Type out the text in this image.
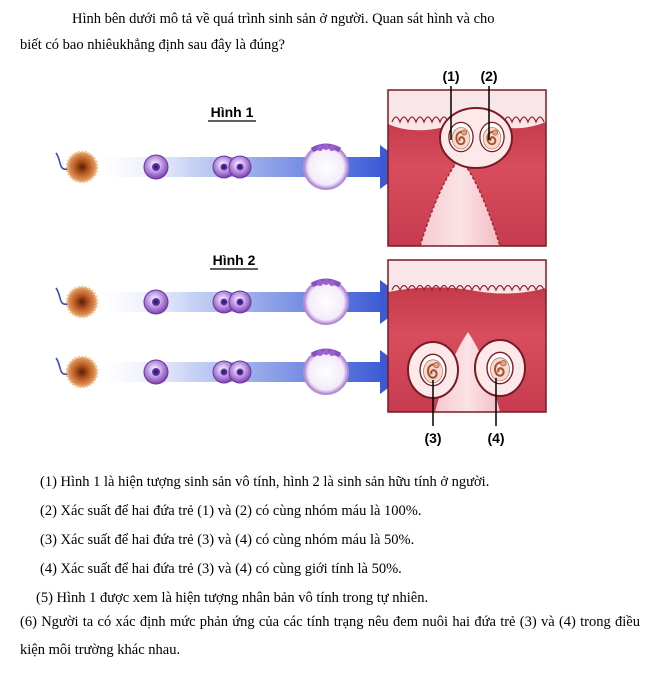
Hình bên dưới mô tả về quá trình sinh sản ở người. Quan sát hình và cho
biết có bao nhiêukhẳng định sau đây là đúng?
Hình 1
Hình 2
(1) (2)
(3)	(4)
(1) Hình 1 là hiện tượng sinh sản vô tính, hình 2 là sinh sản hữu tính ở người.
(2) Xác suất để hai đứa trẻ (1) và (2) có cùng nhóm máu là 100%.
(3) Xác suất để hai đứa trẻ (3) và (4) có cùng nhóm máu là 50%.
(4) Xác suất để hai đứa trẻ (3) và (4) có cùng giới tính là 50%.
(5) Hình 1 được xem là hiện tượng nhân bản vô tính trong tự nhiên.
(6) Người ta có xác định mức phản ứng của các tính trạng nêu đem nuôi hai đứa trẻ (3) và (4) trong điều kiện môi trường khác nhau.
